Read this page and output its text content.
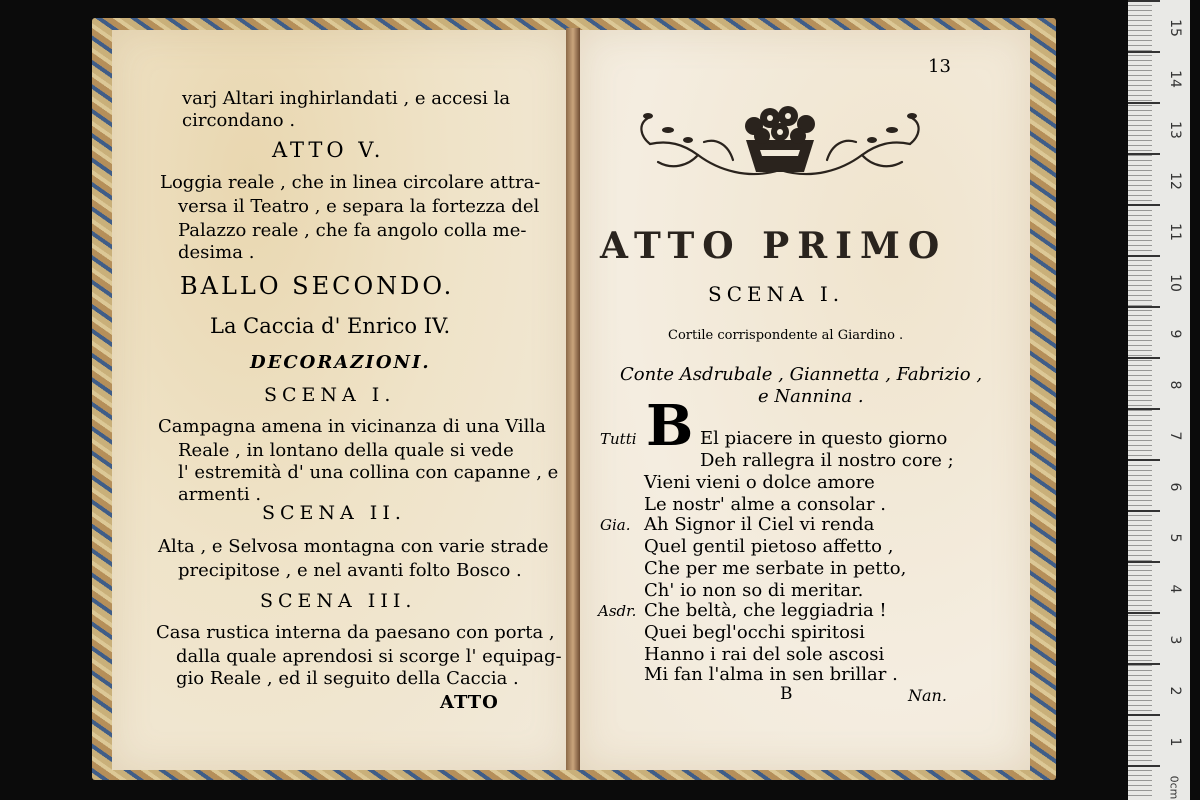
varj Altari inghirlandati , e accesi la
circondano .
ATTO V.
Loggia reale , che in linea circolare attra-
versa il Teatro , e separa la fortezza del
Palazzo reale , che fa angolo colla me-
desima .
BALLO SECONDO.
La Caccia d' Enrico IV.
DECORAZIONI.
SCENA I.
Campagna amena in vicinanza di una Villa
Reale , in lontano della quale si vede
l' estremità d' una collina con capanne , e
armenti .
SCENA II.
Alta , e Selvosa montagna con varie strade
precipitose , e nel avanti folto Bosco .
SCENA III.
Casa rustica interna da paesano con porta ,
dalla quale aprendosi si scorge l' equipag-
gio Reale , ed il seguito della Caccia .
ATTO
13
ATTO PRIMO
SCENA I.
Cortile corrispondente al Giardino .
Conte Asdrubale , Giannetta , Fabrizio ,
e Nannina .
B
Tutti	El piacere in questo giorno
Deh rallegra il nostro core ;
Vieni vieni o dolce amore
Le nostr' alme a consolar .
Gia. Ah Signor il Ciel vi renda
Quel gentil pietoso affetto ,
Che per me serbate in petto,
Ch' io non so di meritar.
Asdr. Che beltà, che leggiadria !
Quei begl'occhi spiritosi
Hanno i rai del sole ascosi
Mi fan l'alma in sen brillar .
B	Nan.
15
14
13
12
11
10
9
8
7
6
5
4
3
2
1
0cm
